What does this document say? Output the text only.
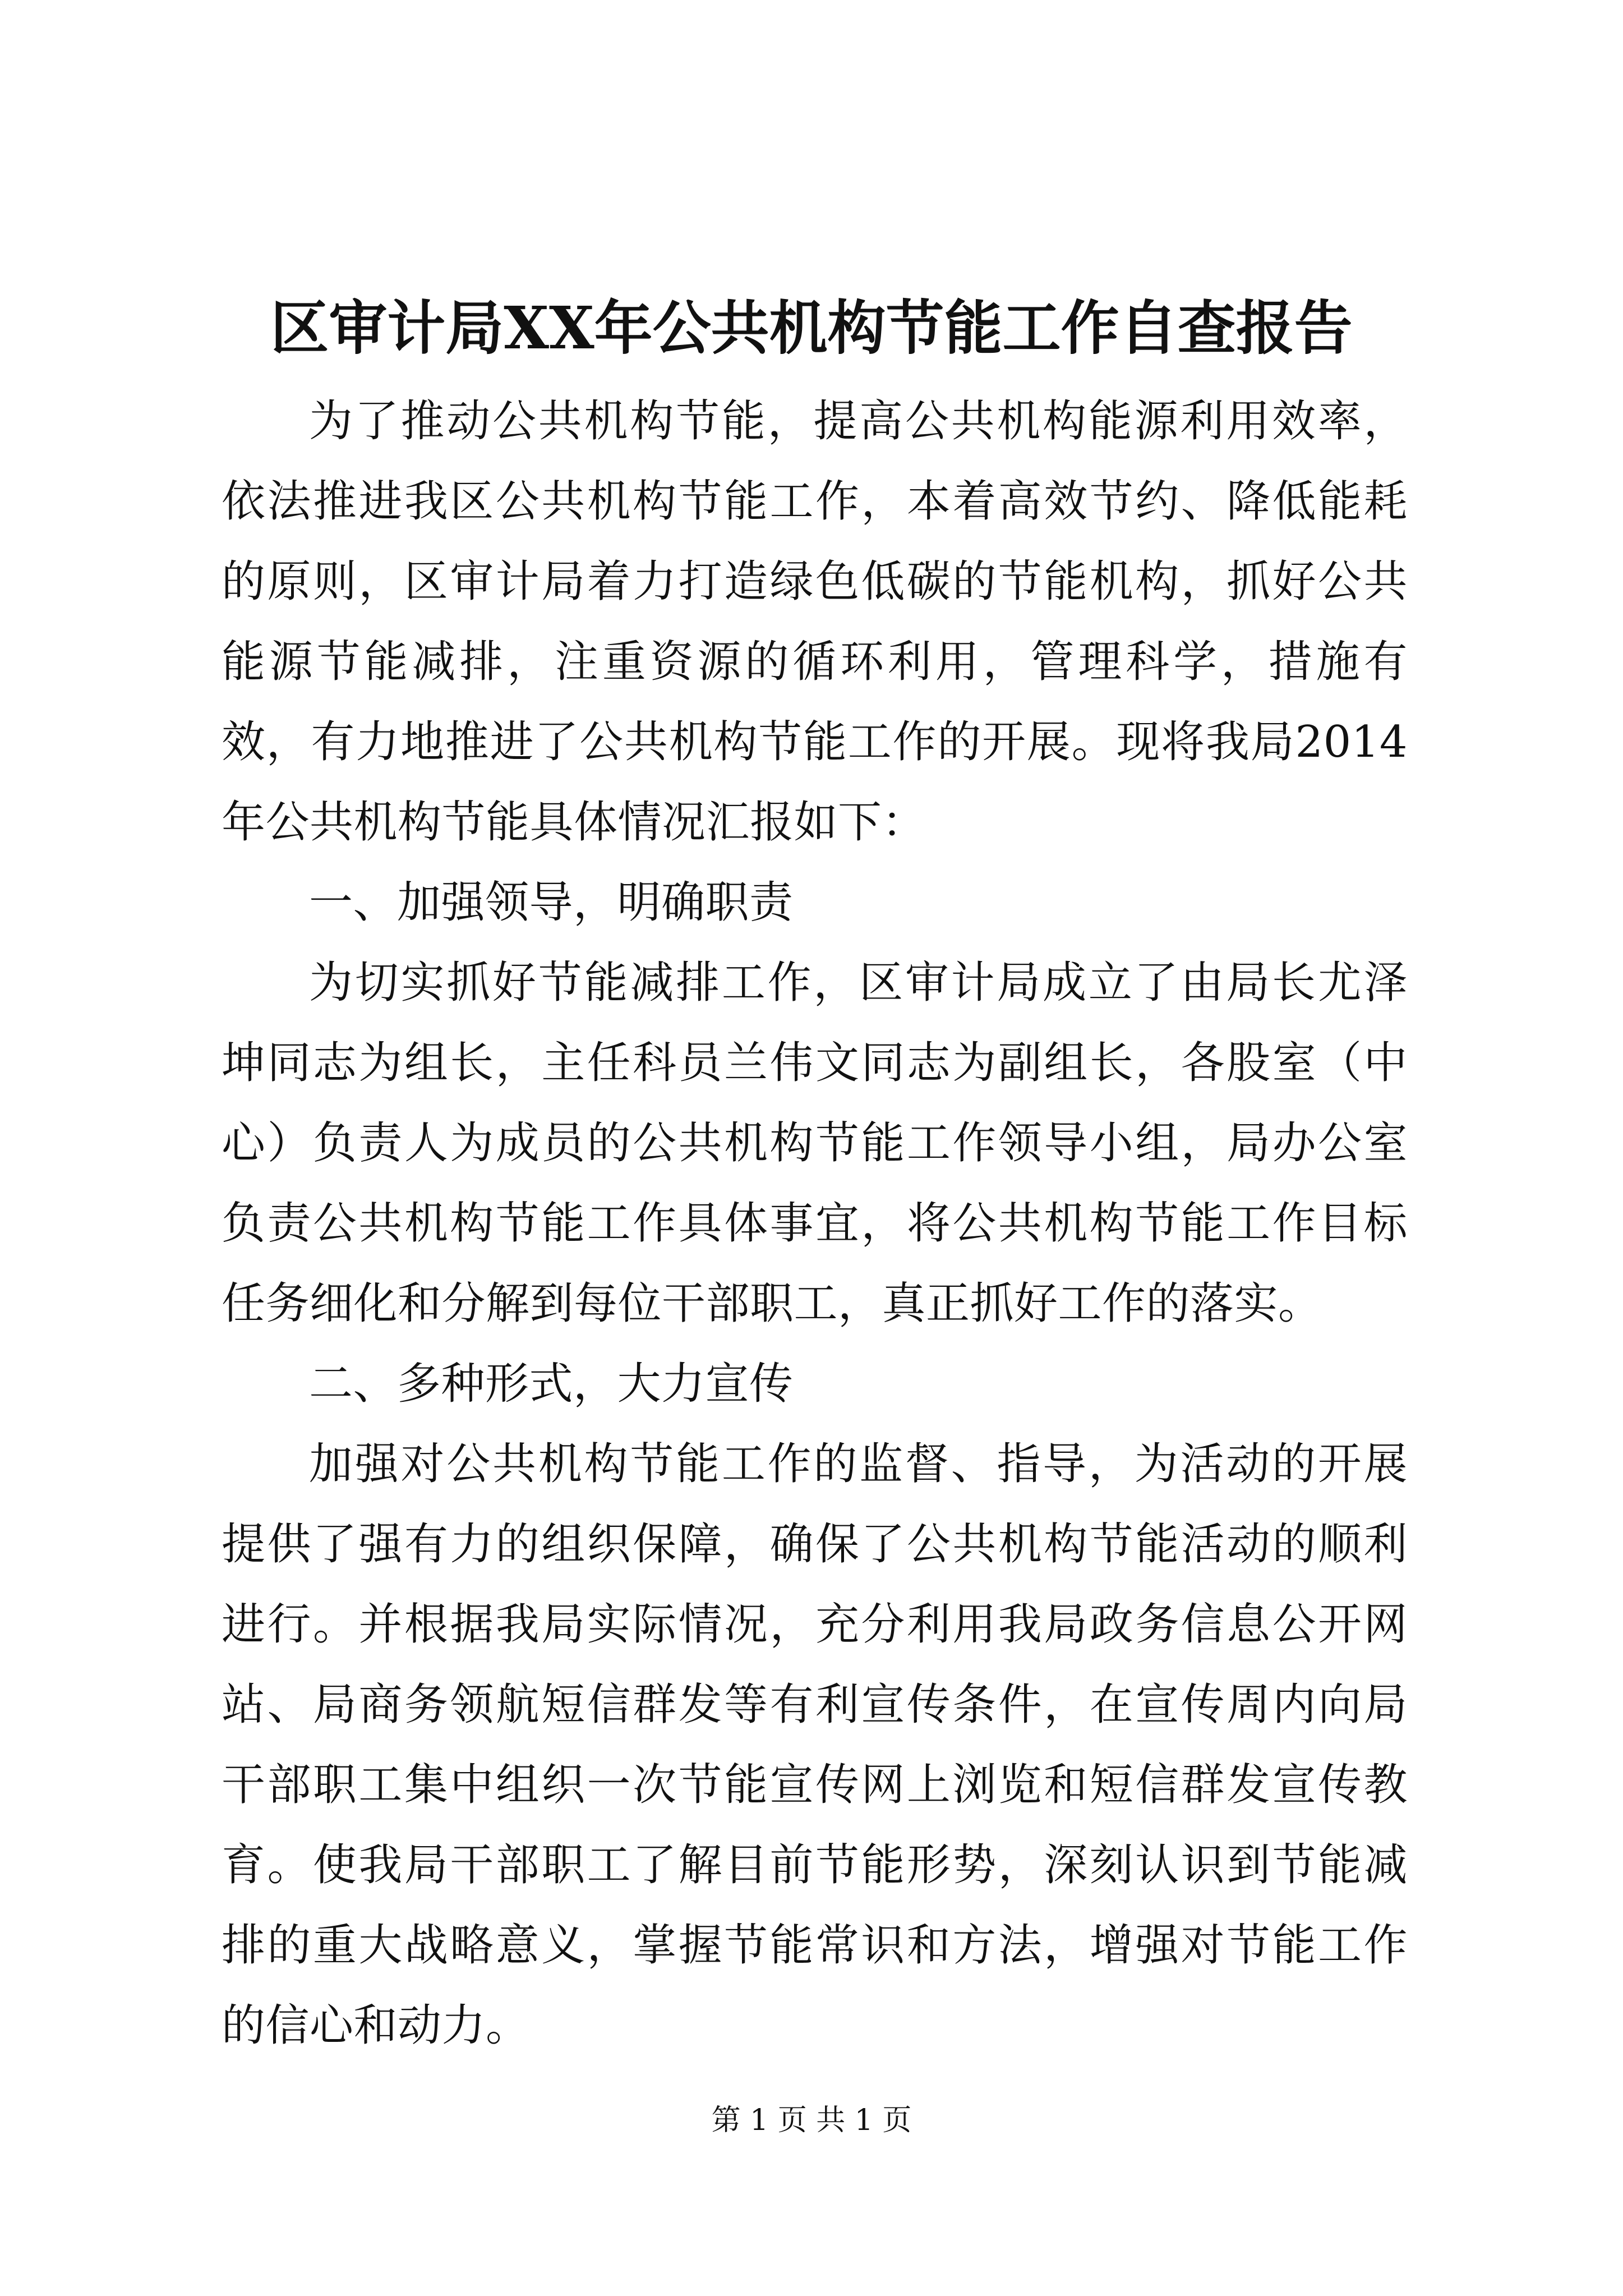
区审计局XX年公共机构节能工作自查报告

为了推动公共机构节能，提高公共机构能源利用效率，依法推进我区公共机构节能工作，本着高效节约、降低能耗的原则，区审计局着力打造绿色低碳的节能机构，抓好公共能源节能减排，注重资源的循环利用，管理科学，措施有效，有力地推进了公共机构节能工作的开展。现将我局2014年公共机构节能具体情况汇报如下：

一、加强领导，明确职责

为切实抓好节能减排工作，区审计局成立了由局长尤泽坤同志为组长，主任科员兰伟文同志为副组长，各股室（中心）负责人为成员的公共机构节能工作领导小组，局办公室负责公共机构节能工作具体事宜，将公共机构节能工作目标任务细化和分解到每位干部职工，真正抓好工作的落实。

二、多种形式，大力宣传

加强对公共机构节能工作的监督、指导，为活动的开展提供了强有力的组织保障，确保了公共机构节能活动的顺利进行。并根据我局实际情况，充分利用我局政务信息公开网站、局商务领航短信群发等有利宣传条件，在宣传周内向局干部职工集中组织一次节能宣传网上浏览和短信群发宣传教育。使我局干部职工了解目前节能形势，深刻认识到节能减排的重大战略意义，掌握节能常识和方法，增强对节能工作的信心和动力。

第 1 页 共 1 页
